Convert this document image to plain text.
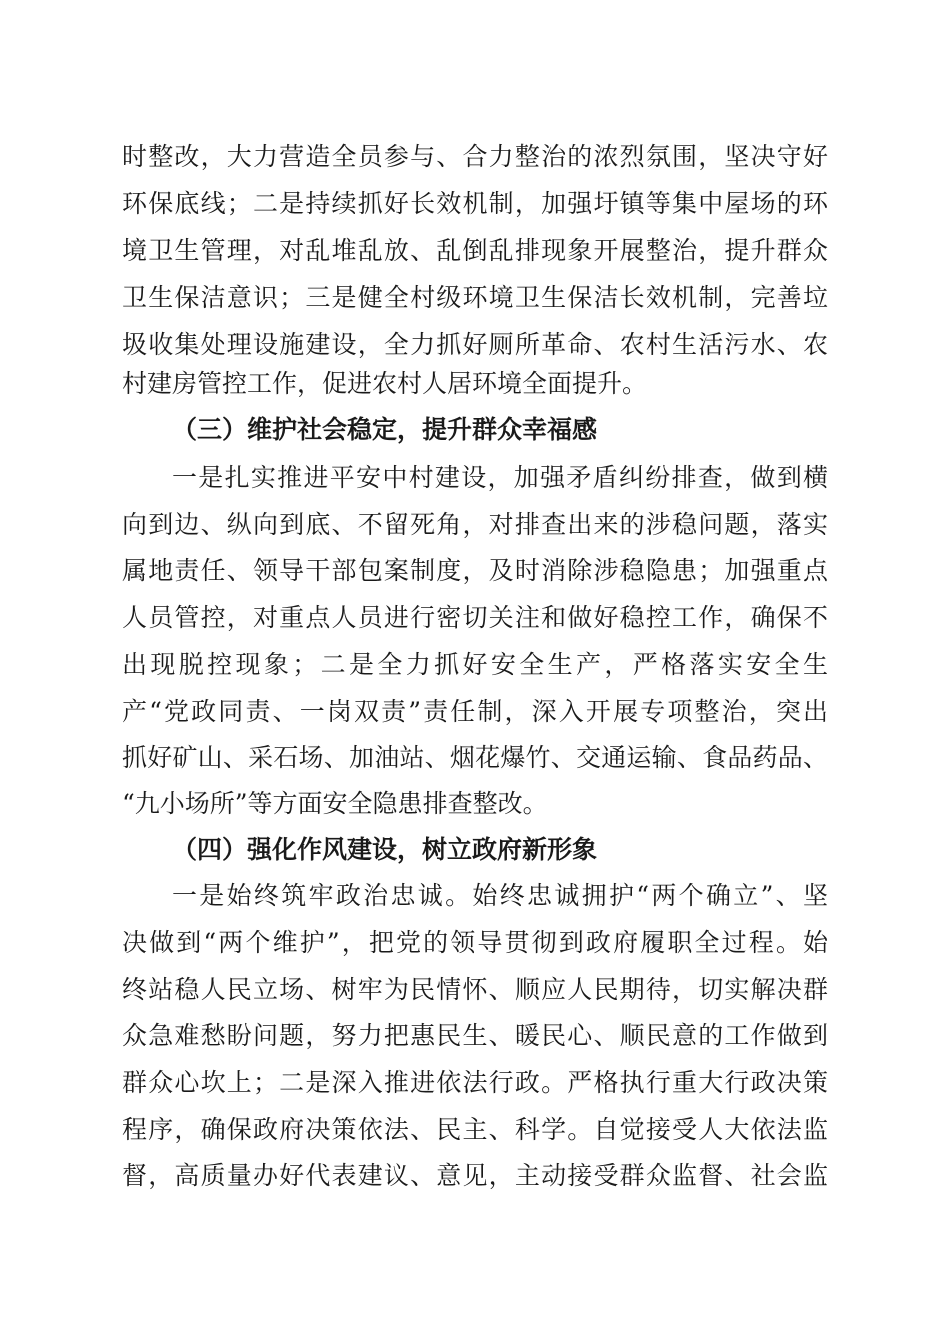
时整改，大力营造全员参与、合力整治的浓烈氛围，坚决守好
环保底线；二是持续抓好长效机制，加强圩镇等集中屋场的环
境卫生管理，对乱堆乱放、乱倒乱排现象开展整治，提升群众
卫生保洁意识；三是健全村级环境卫生保洁长效机制，完善垃
圾收集处理设施建设，全力抓好厕所革命、农村生活污水、农
村建房管控工作，促进农村人居环境全面提升。
（三）维护社会稳定，提升群众幸福感
一是扎实推进平安中村建设，加强矛盾纠纷排查，做到横
向到边、纵向到底、不留死角，对排查出来的涉稳问题，落实
属地责任、领导干部包案制度，及时消除涉稳隐患；加强重点
人员管控，对重点人员进行密切关注和做好稳控工作，确保不
出现脱控现象；二是全力抓好安全生产，严格落实安全生
产“党政同责、一岗双责”责任制，深入开展专项整治，突出
抓好矿山、采石场、加油站、烟花爆竹、交通运输、食品药品、
“九小场所”等方面安全隐患排查整改。
（四）强化作风建设，树立政府新形象
一是始终筑牢政治忠诚。始终忠诚拥护“两个确立”、坚
决做到“两个维护”，把党的领导贯彻到政府履职全过程。始
终站稳人民立场、树牢为民情怀、顺应人民期待，切实解决群
众急难愁盼问题，努力把惠民生、暖民心、顺民意的工作做到
群众心坎上；二是深入推进依法行政。严格执行重大行政决策
程序，确保政府决策依法、民主、科学。自觉接受人大依法监
督，高质量办好代表建议、意见，主动接受群众监督、社会监
